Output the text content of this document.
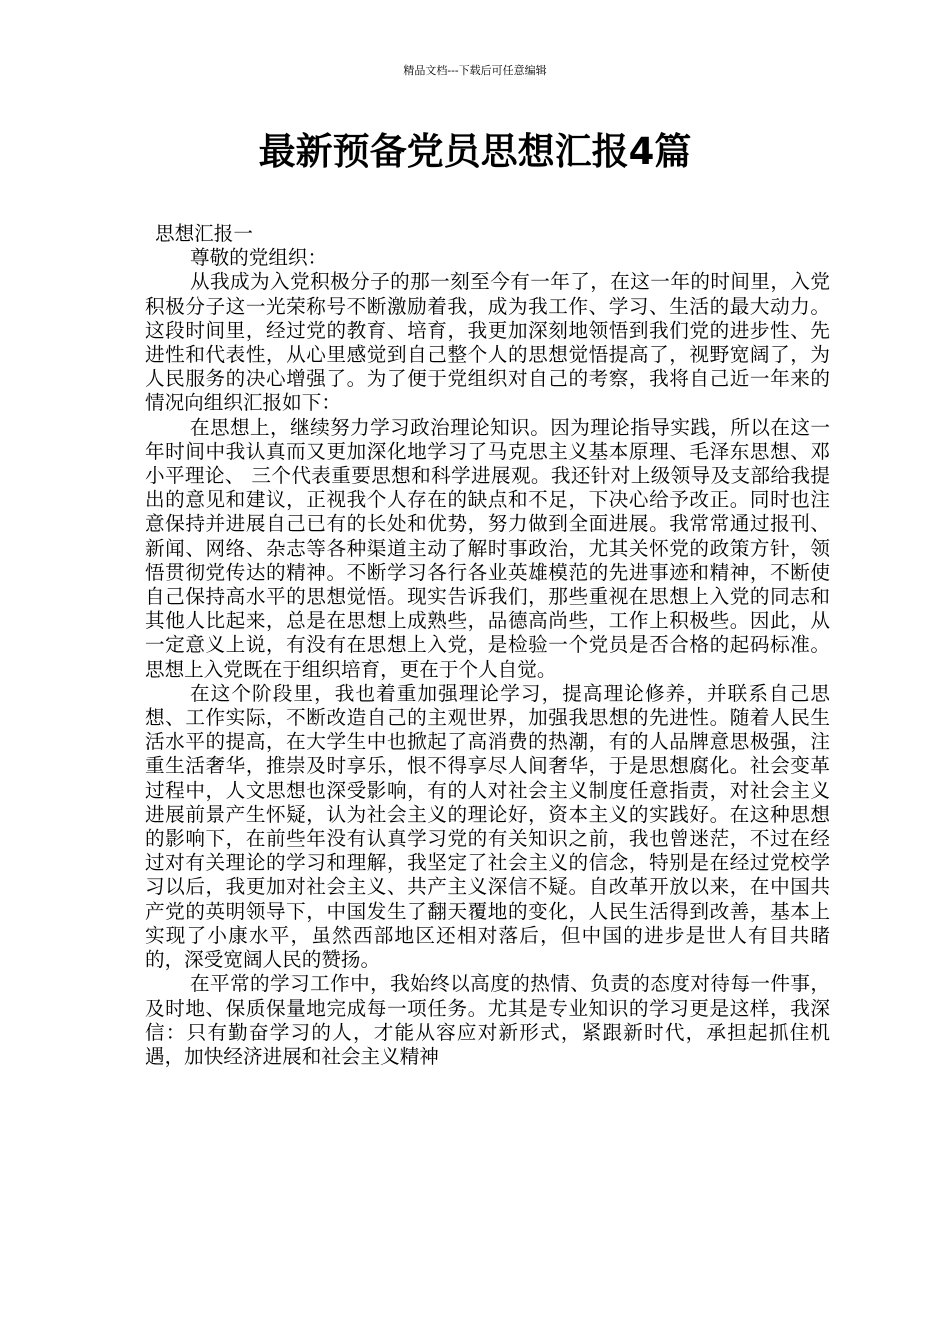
精品文档---下载后可任意编辑
最新预备党员思想汇报4篇

思想汇报一

尊敬的党组织：

从我成为入党积极分子的那一刻至今有一年了，在这一年的时间里，入党积极分子这一光荣称号不断激励着我，成为我工作、学习、生活的最大动力。这段时间里，经过党的教育、培育，我更加深刻地领悟到我们党的进步性、先进性和代表性，从心里感觉到自己整个人的思想觉悟提高了，视野宽阔了，为人民服务的决心增强了。为了便于党组织对自己的考察，我将自己近一年来的情况向组织汇报如下：

在思想上，继续努力学习政治理论知识。因为理论指导实践，所以在这一年时间中我认真而又更加深化地学习了马克思主义基本原理、毛泽东思想、邓小平理论、 三个代表重要思想和科学进展观。我还针对上级领导及支部给我提出的意见和建议，正视我个人存在的缺点和不足，下决心给予改正。同时也注意保持并进展自己已有的长处和优势，努力做到全面进展。我常常通过报刊、新闻、网络、杂志等各种渠道主动了解时事政治，尤其关怀党的政策方针，领悟贯彻党传达的精神。不断学习各行各业英雄模范的先进事迹和精神，不断使自己保持高水平的思想觉悟。现实告诉我们，那些重视在思想上入党的同志和其他人比起来，总是在思想上成熟些，品德高尚些，工作上积极些。因此，从一定意义上说，有没有在思想上入党，是检验一个党员是否合格的起码标准。思想上入党既在于组织培育，更在于个人自觉。

在这个阶段里，我也着重加强理论学习，提高理论修养，并联系自己思想、工作实际，不断改造自己的主观世界，加强我思想的先进性。随着人民生活水平的提高，在大学生中也掀起了高消费的热潮，有的人品牌意思极强，注重生活奢华，推崇及时享乐，恨不得享尽人间奢华，于是思想腐化。社会变革过程中，人文思想也深受影响，有的人对社会主义制度任意指责，对社会主义进展前景产生怀疑，认为社会主义的理论好，资本主义的实践好。在这种思想的影响下，在前些年没有认真学习党的有关知识之前，我也曾迷茫，不过在经过对有关理论的学习和理解，我坚定了社会主义的信念，特别是在经过党校学习以后，我更加对社会主义、共产主义深信不疑。自改革开放以来，在中国共产党的英明领导下，中国发生了翻天覆地的变化，人民生活得到改善，基本上实现了小康水平，虽然西部地区还相对落后，但中国的进步是世人有目共睹的，深受宽阔人民的赞扬。

在平常的学习工作中，我始终以高度的热情、负责的态度对待每一件事，及时地、保质保量地完成每一项任务。尤其是专业知识的学习更是这样，我深信：只有勤奋学习的人，才能从容应对新形式，紧跟新时代，承担起抓住机遇，加快经济进展和社会主义精神
